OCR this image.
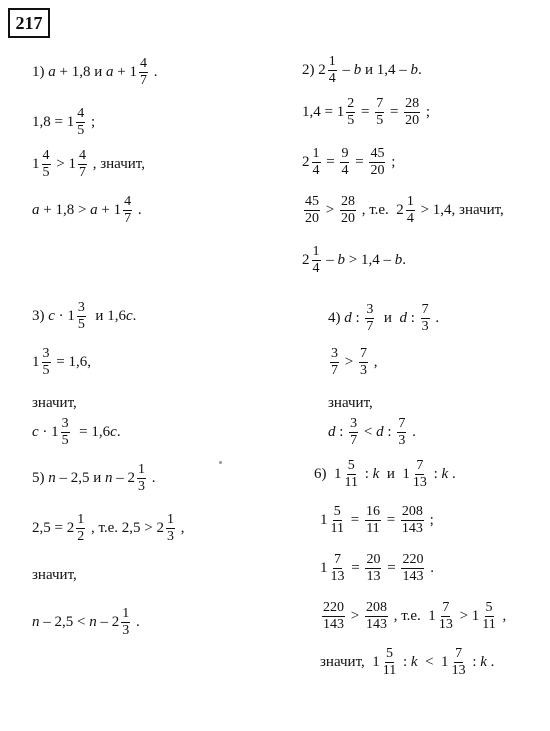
217
1) a + 1,8 и a + 1
4
7
.
1,8 = 1
4
5
;
1
4
5
> 1
4
7
, значит,
a + 1,8 > a + 1
4
7
.
2) 2
1
4
– b и 1,4 – b .
$1,4 = 1 \frac{2}{5} = \frac{7}{5} = \frac{28}{20}$ ;
$2 \frac{1}{4} = \frac{9}{4} = \frac{45}{20}$ ;
45
20
>
28
20
, т.е.  2
1
4
> 1,4, значит,
2
1
4
– b > 1,4 – b .
3) c · 1
3
5
и 1,6 c .
$1 \frac{3}{5} = 1,6$,
значит,
$c \cdot 1 \frac{3}{5} = 1,6$ c .
4) d :
3
7
и d :
7
3
.
3
7
>
7
3
,
значит,
d :
3
7
< d :
7
3
.
5) n – 2,5 и n – 2
1
3
.
2,5 = 2
1
2
, т.е. 2,5 > 2
1
3
,
значит,
n – 2,5 < n – 2
1
3
.
6)  1
5
11
: k и  1
7
13
: k .
$1 \frac{5}{11} = \frac{16}{11} = \frac{208}{143}$ ;
$1 \frac{7}{13} = \frac{20}{13} = \frac{220}{143}$ .
220
143
>
208
143
, т.е.  1
7
13
> 1
5
11
,
значит,  1
5
11
: k <  1
7
13
: k .
